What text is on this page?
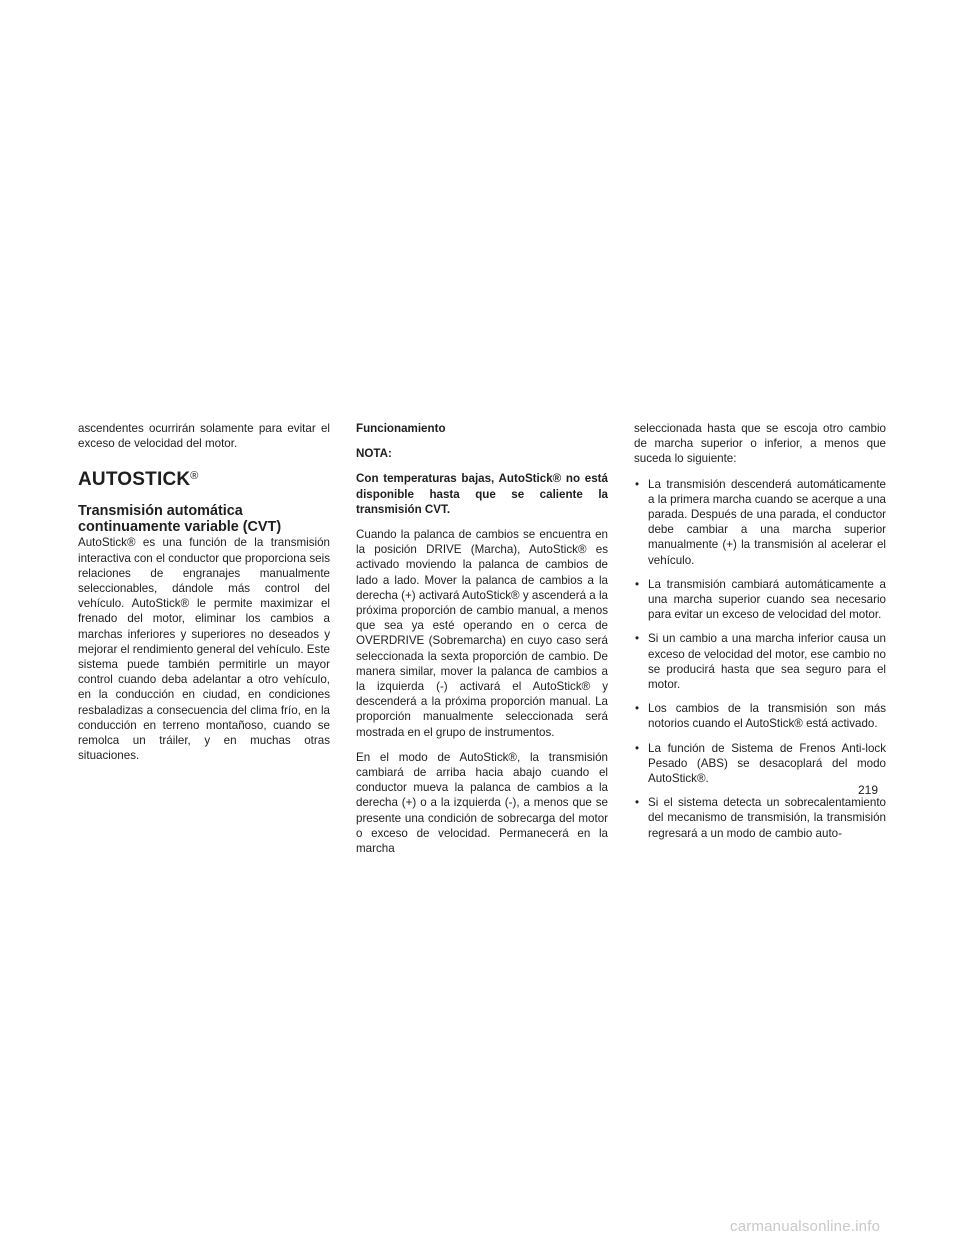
ascendentes ocurrirán solamente para evitar el exceso de velocidad del motor.

AUTOSTICK®
Transmisión automática continuamente variable (CVT)

AutoStick® es una función de la transmisión interactiva con el conductor que proporciona seis relaciones de engranajes manualmente seleccionables, dándole más control del vehículo. AutoStick® le permite maximizar el frenado del motor, eliminar los cambios a marchas inferiores y superiores no deseados y mejorar el rendimiento general del vehículo. Este sistema puede también permitirle un mayor control cuando deba adelantar a otro vehículo, en la conducción en ciudad, en condiciones resbaladizas a consecuencia del clima frío, en la conducción en terreno montañoso, cuando se remolca un tráiler, y en muchas otras situaciones.

Funcionamiento

NOTA:

Con temperaturas bajas, AutoStick® no está disponible hasta que se caliente la transmisión CVT.

Cuando la palanca de cambios se encuentra en la posición DRIVE (Marcha), AutoStick® es activado moviendo la palanca de cambios de lado a lado. Mover la palanca de cambios a la derecha (+) activará AutoStick® y ascenderá a la próxima proporción de cambio manual, a menos que sea ya esté operando en o cerca de OVERDRIVE (Sobremarcha) en cuyo caso será seleccionada la sexta proporción de cambio. De manera similar, mover la palanca de cambios a la izquierda (-) activará el AutoStick® y descenderá a la próxima proporción manual. La proporción manualmente seleccionada será mostrada en el grupo de instrumentos.

En el modo de AutoStick®, la transmisión cambiará de arriba hacia abajo cuando el conductor mueva la palanca de cambios a la derecha (+) o a la izquierda (-), a menos que se presente una condición de sobrecarga del motor o exceso de velocidad. Permanecerá en la marcha

seleccionada hasta que se escoja otro cambio de marcha superior o inferior, a menos que suceda lo siguiente:

• La transmisión descenderá automáticamente a la primera marcha cuando se acerque a una parada. Después de una parada, el conductor debe cambiar a una marcha superior manualmente (+) la transmisión al acelerar el vehículo.
• La transmisión cambiará automáticamente a una marcha superior cuando sea necesario para evitar un exceso de velocidad del motor.
• Si un cambio a una marcha inferior causa un exceso de velocidad del motor, ese cambio no se producirá hasta que sea seguro para el motor.
• Los cambios de la transmisión son más notorios cuando el AutoStick® está activado.
• La función de Sistema de Frenos Anti-lock Pesado (ABS) se desacoplará del modo AutoStick®.
• Si el sistema detecta un sobrecalentamiento del mecanismo de transmisión, la transmisión regresará a un modo de cambio auto-
219
carmanualsonline.info
